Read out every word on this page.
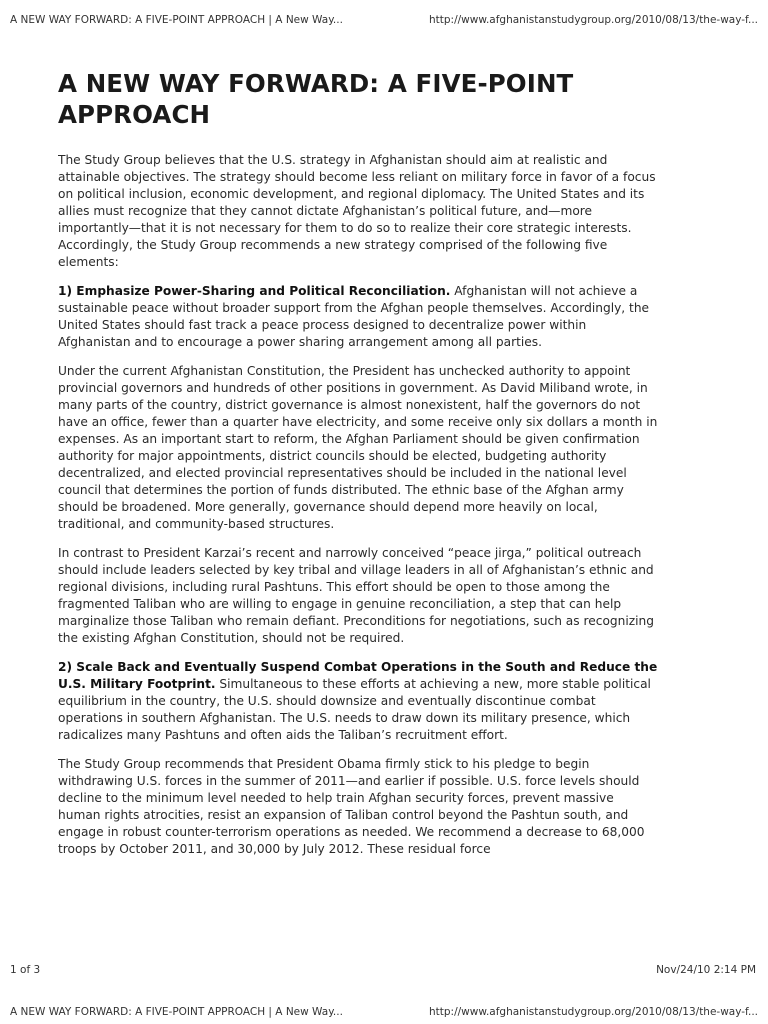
A NEW WAY FORWARD: A FIVE-POINT APPROACH | A New Way...	http://www.afghanistanstudygroup.org/2010/08/13/the-way-f...
A NEW WAY FORWARD: A FIVE-POINT APPROACH

The Study Group believes that the U.S. strategy in Afghanistan should aim at realistic and attainable objectives. The strategy should become less reliant on military force in favor of a focus on political inclusion, economic development, and regional diplomacy. The United States and its allies must recognize that they cannot dictate Afghanistan’s political future, and—more importantly—that it is not necessary for them to do so to realize their core strategic interests. Accordingly, the Study Group recommends a new strategy comprised of the following five elements:

1) Emphasize Power-Sharing and Political Reconciliation. Afghanistan will not achieve a sustainable peace without broader support from the Afghan people themselves. Accordingly, the United States should fast track a peace process designed to decentralize power within Afghanistan and to encourage a power sharing arrangement among all parties.

Under the current Afghanistan Constitution, the President has unchecked authority to appoint provincial governors and hundreds of other positions in government. As David Miliband wrote, in many parts of the country, district governance is almost nonexistent, half the governors do not have an office, fewer than a quarter have electricity, and some receive only six dollars a month in expenses. As an important start to reform, the Afghan Parliament should be given confirmation authority for major appointments, district councils should be elected, budgeting authority decentralized, and elected provincial representatives should be included in the national level council that determines the portion of funds distributed. The ethnic base of the Afghan army should be broadened. More generally, governance should depend more heavily on local, traditional, and community-based structures.

In contrast to President Karzai’s recent and narrowly conceived “peace jirga,” political outreach should include leaders selected by key tribal and village leaders in all of Afghanistan’s ethnic and regional divisions, including rural Pashtuns. This effort should be open to those among the fragmented Taliban who are willing to engage in genuine reconciliation, a step that can help marginalize those Taliban who remain defiant. Preconditions for negotiations, such as recognizing the existing Afghan Constitution, should not be required.

2) Scale Back and Eventually Suspend Combat Operations in the South and Reduce the U.S. Military Footprint. Simultaneous to these efforts at achieving a new, more stable political equilibrium in the country, the U.S. should downsize and eventually discontinue combat operations in southern Afghanistan. The U.S. needs to draw down its military presence, which radicalizes many Pashtuns and often aids the Taliban’s recruitment effort.

The Study Group recommends that President Obama firmly stick to his pledge to begin withdrawing U.S. forces in the summer of 2011—and earlier if possible. U.S. force levels should decline to the minimum level needed to help train Afghan security forces, prevent massive human rights atrocities, resist an expansion of Taliban control beyond the Pashtun south, and engage in robust counter-terrorism operations as needed. We recommend a decrease to 68,000 troops by October 2011, and 30,000 by July 2012. These residual force

1 of 3	Nov/24/10 2:14 PM
A NEW WAY FORWARD: A FIVE-POINT APPROACH | A New Way...	http://www.afghanistanstudygroup.org/2010/08/13/the-way-f...
